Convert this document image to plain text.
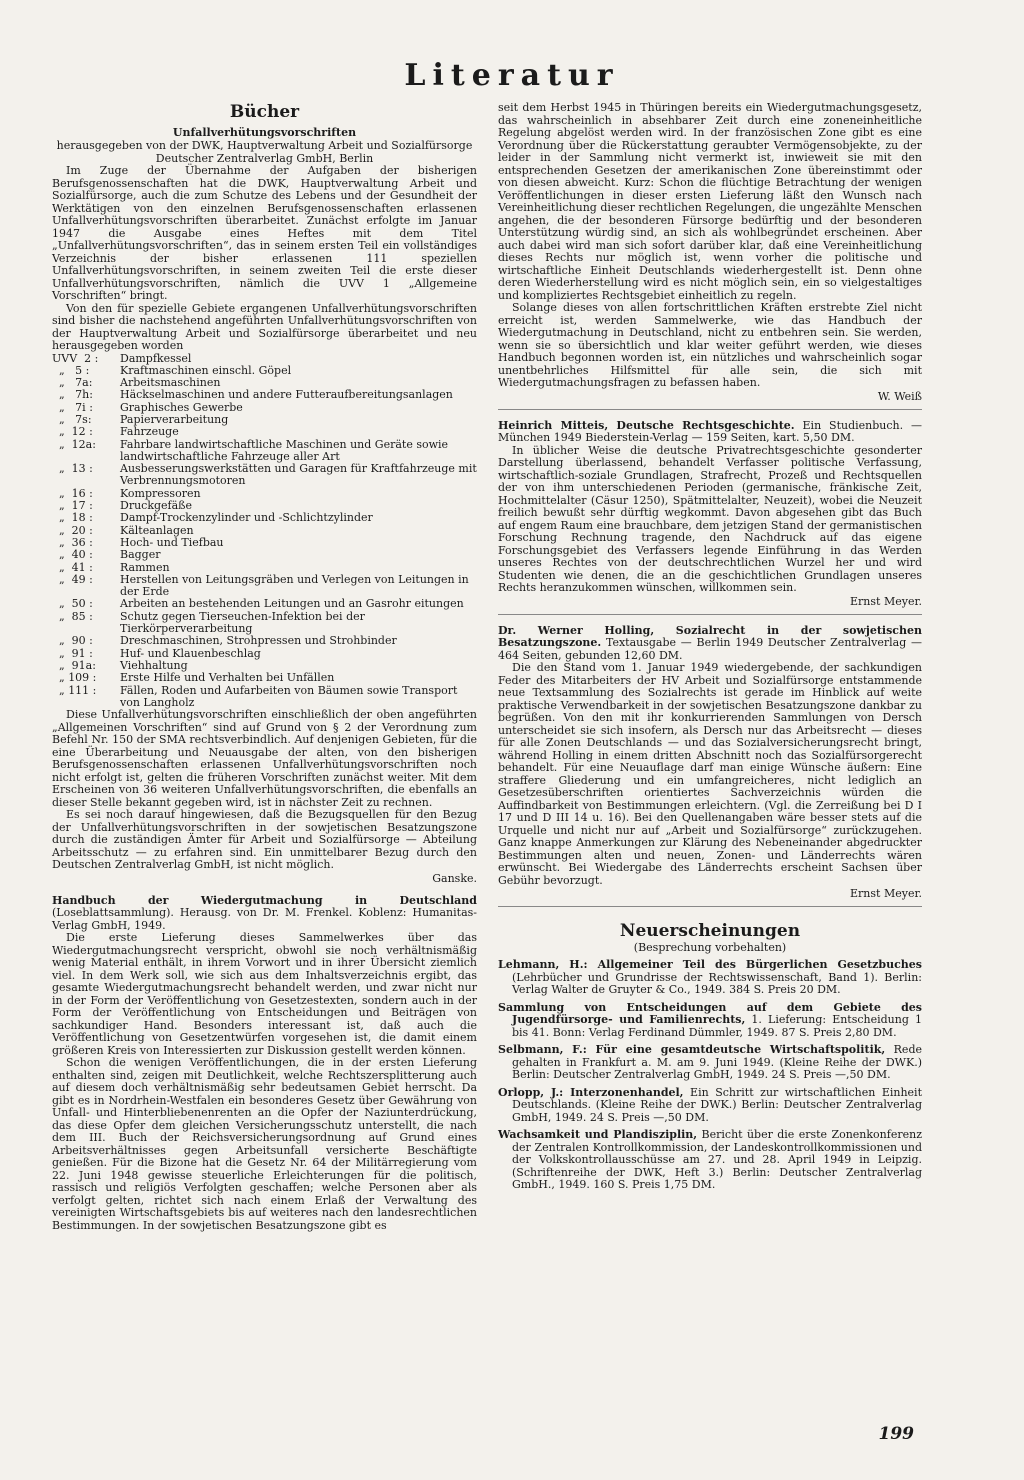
Literatur
Bücher
Unfallverhütungsvorschriften
herausgegeben von der DWK, Hauptverwaltung Arbeit und Sozialfürsorge
Deutscher Zentralverlag GmbH, Berlin

Im Zuge der Übernahme der Aufgaben der bisherigen Berufsgenossenschaften hat die DWK, Hauptverwaltung Arbeit und Sozialfürsorge, auch die zum Schutze des Lebens und der Gesundheit der Werktätigen von den einzelnen Berufsgenossenschaften erlassenen Unfallverhütungsvorschriften überarbeitet. Zunächst erfolgte im Januar 1947 die Ausgabe eines Heftes mit dem Titel „Unfallverhütungsvorschriften“, das in seinem ersten Teil ein vollständiges Verzeichnis der bisher erlassenen 111 speziellen Unfallverhütungsvorschriften, in seinem zweiten Teil die erste dieser Unfallverhütungsvorschriften, nämlich die UVV 1 „Allgemeine Vorschriften“ bringt.

Von den für spezielle Gebiete ergangenen Unfallverhütungsvorschriften sind bisher die nachstehend angeführten Unfallverhütungsvorschriften von der Hauptverwaltung Arbeit und Sozialfürsorge überarbeitet und neu herausgegeben worden

UVV  2 :	Dampfkessel
„   5 :	Kraftmaschinen einschl. Göpel
„   7a:	Arbeitsmaschinen
„   7h:	Häckselmaschinen und andere Futteraufbereitungsanlagen
„   7i :	Graphisches Gewerbe
„   7s:	Papierverarbeitung
„  12 :	Fahrzeuge
„  12a:	Fahrbare landwirtschaftliche Maschinen und Geräte sowie landwirtschaftliche Fahrzeuge aller Art
„  13 :	Ausbesserungswerkstätten und Garagen für Kraftfahrzeuge mit Verbrennungsmotoren
„  16 :	Kompressoren
„  17 :	Druckgefäße
„  18 :	Dampf-Trockenzylinder und -Schlichtzylinder
„  20 :	Kälteanlagen
„  36 :	Hoch- und Tiefbau
„  40 :	Bagger
„  41 :	Rammen
„  49 :	Herstellen von Leitungsgräben und Verlegen von Leitungen in der Erde
„  50 :	Arbeiten an bestehenden Leitungen und an Gasrohr eitungen
„  85 :	Schutz gegen Tierseuchen-Infektion bei der Tierkörperverarbeitung
„  90 :	Dreschmaschinen, Strohpressen und Strohbinder
„  91 :	Huf- und Klauenbeschlag
„  91a:	Viehhaltung
„ 109 :	Erste Hilfe und Verhalten bei Unfällen
„ 111 :	Fällen, Roden und Aufarbeiten von Bäumen sowie Transport von Langholz

Diese Unfallverhütungsvorschriften einschließlich der oben angeführten „Allgemeinen Vorschriften“ sind auf Grund von § 2 der Verordnung zum Befehl Nr. 150 der SMA rechtsverbindlich. Auf denjenigen Gebieten, für die eine Überarbeitung und Neuausgabe der alten, von den bisherigen Berufsgenossenschaften erlassenen Unfallverhütungsvorschriften noch nicht erfolgt ist, gelten die früheren Vorschriften zunächst weiter. Mit dem Erscheinen von 36 weiteren Unfallverhütungsvorschriften, die ebenfalls an dieser Stelle bekannt gegeben wird, ist in nächster Zeit zu rechnen.

Es sei noch darauf hingewiesen, daß die Bezugsquellen für den Bezug der Unfallverhütungsvorschriften in der sowjetischen Besatzungszone durch die zuständigen Ämter für Arbeit und Sozialfürsorge — Abteilung Arbeitsschutz — zu erfahren sind. Ein unmittelbarer Bezug durch den Deutschen Zentralverlag GmbH, ist nicht möglich.

Ganske.
Handbuch der Wiedergutmachung in Deutschland (Loseblattsammlung). Herausg. von Dr. M. Frenkel. Koblenz: Humanitas-Verlag GmbH, 1949.

Die erste Lieferung dieses Sammelwerkes über das Wiedergutmachungsrecht verspricht, obwohl sie noch verhältnismäßig wenig Material enthält, in ihrem Vorwort und in ihrer Übersicht ziemlich viel. In dem Werk soll, wie sich aus dem Inhaltsverzeichnis ergibt, das gesamte Wiedergutmachungsrecht behandelt werden, und zwar nicht nur in der Form der Veröffentlichung von Gesetzestexten, sondern auch in der Form der Veröffentlichung von Entscheidungen und Beiträgen von sachkundiger Hand. Besonders interessant ist, daß auch die Veröffentlichung von Gesetzentwürfen vorgesehen ist, die damit einem größeren Kreis von Interessierten zur Diskussion gestellt werden können.

Schon die wenigen Veröffentlichungen, die in der ersten Lieferung enthalten sind, zeigen mit Deutlichkeit, welche Rechtszersplitterung auch auf diesem doch verhältnismäßig sehr bedeutsamen Gebiet herrscht. Da gibt es in Nordrhein-Westfalen ein besonderes Gesetz über Gewährung von Unfall- und Hinterbliebenenrenten an die Opfer der Naziunterdrückung, das diese Opfer dem gleichen Versicherungsschutz unterstellt, die nach dem III. Buch der Reichsversicherungsordnung auf Grund eines Arbeitsverhältnisses gegen Arbeitsunfall versicherte Beschäftigte genießen. Für die Bizone hat die Gesetz Nr. 64 der Militärregierung vom 22. Juni 1948 gewisse steuerliche Erleichterungen für die politisch, rassisch und religiös Verfolgten geschaffen; welche Personen aber als verfolgt gelten, richtet sich nach einem Erlaß der Verwaltung des vereinigten Wirtschaftsgebiets bis auf weiteres nach den landesrechtlichen Bestimmungen. In der sowjetischen Besatzungszone gibt es

seit dem Herbst 1945 in Thüringen bereits ein Wiedergutmachungsgesetz, das wahrscheinlich in absehbarer Zeit durch eine zoneneinheitliche Regelung abgelöst werden wird. In der französischen Zone gibt es eine Verordnung über die Rückerstattung geraubter Vermögensobjekte, zu der leider in der Sammlung nicht vermerkt ist, inwieweit sie mit den entsprechenden Gesetzen der amerikanischen Zone übereinstimmt oder von diesen abweicht. Kurz: Schon die flüchtige Betrachtung der wenigen Veröffentlichungen in dieser ersten Lieferung läßt den Wunsch nach Vereinheitlichung dieser rechtlichen Regelungen, die ungezählte Menschen angehen, die der besonderen Fürsorge bedürftig und der besonderen Unterstützung würdig sind, an sich als wohlbegründet erscheinen. Aber auch dabei wird man sich sofort darüber klar, daß eine Vereinheitlichung dieses Rechts nur möglich ist, wenn vorher die politische und wirtschaftliche Einheit Deutschlands wiederhergestellt ist. Denn ohne deren Wiederherstellung wird es nicht möglich sein, ein so vielgestaltiges und kompliziertes Rechtsgebiet einheitlich zu regeln.

Solange dieses von allen fortschrittlichen Kräften erstrebte Ziel nicht erreicht ist, werden Sammelwerke, wie das Handbuch der Wiedergutmachung in Deutschland, nicht zu entbehren sein. Sie werden, wenn sie so übersichtlich und klar weiter geführt werden, wie dieses Handbuch begonnen worden ist, ein nützliches und wahrscheinlich sogar unentbehrliches Hilfsmittel für alle sein, die sich mit Wiedergutmachungsfragen zu befassen haben.

W. Weiß
Heinrich Mitteis, Deutsche Rechtsgeschichte. Ein Studienbuch. — München 1949 Biederstein-Verlag — 159 Seiten, kart. 5,50 DM.

In üblicher Weise die deutsche Privatrechtsgeschichte gesonderter Darstellung überlassend, behandelt Verfasser politische Verfassung, wirtschaftlich-soziale Grundlagen, Strafrecht, Prozeß und Rechtsquellen der von ihm unterschiedenen Perioden (germanische, fränkische Zeit, Hochmittelalter (Cäsur 1250), Spätmittelalter, Neuzeit), wobei die Neuzeit freilich bewußt sehr dürftig wegkommt. Davon abgesehen gibt das Buch auf engem Raum eine brauchbare, dem jetzigen Stand der germanistischen Forschung Rechnung tragende, den Nachdruck auf das eigene Forschungsgebiet des Verfassers legende Einführung in das Werden unseres Rechtes von der deutschrechtlichen Wurzel her und wird Studenten wie denen, die an die geschichtlichen Grundlagen unseres Rechts heranzukommen wünschen, willkommen sein.

Ernst Meyer.
Dr. Werner Holling, Sozialrecht in der sowjetischen Besatzungszone. Textausgabe — Berlin 1949 Deutscher Zentralverlag — 464 Seiten, gebunden 12,60 DM.

Die den Stand vom 1. Januar 1949 wiedergebende, der sachkundigen Feder des Mitarbeiters der HV Arbeit und Sozialfürsorge entstammende neue Textsammlung des Sozialrechts ist gerade im Hinblick auf weite praktische Verwendbarkeit in der sowjetischen Besatzungszone dankbar zu begrüßen. Von den mit ihr konkurrierenden Sammlungen von Dersch unterscheidet sie sich insofern, als Dersch nur das Arbeitsrecht — dieses für alle Zonen Deutschlands — und das Sozialversicherungsrecht bringt, während Holling in einem dritten Abschnitt noch das Sozialfürsorgerecht behandelt. Für eine Neuauflage darf man einige Wünsche äußern: Eine straffere Gliederung und ein umfangreicheres, nicht lediglich an Gesetzesüberschriften orientiertes Sachverzeichnis würden die Auffindbarkeit von Bestimmungen erleichtern. (Vgl. die Zerreißung bei D I 17 und D III 14 u. 16). Bei den Quellenangaben wäre besser stets auf die Urquelle und nicht nur auf „Arbeit und Sozialfürsorge“ zurückzugehen. Ganz knappe Anmerkungen zur Klärung des Nebeneinander abgedruckter Bestimmungen alten und neuen, Zonen- und Länderrechts wären erwünscht. Bei Wiedergabe des Länderrechts erscheint Sachsen über Gebühr bevorzugt.

Ernst Meyer.
Neuerscheinungen
(Besprechung vorbehalten)
Lehmann, H.: Allgemeiner Teil des Bürgerlichen Gesetzbuches (Lehrbücher und Grundrisse der Rechtswissenschaft, Band 1). Berlin: Verlag Walter de Gruyter & Co., 1949. 384 S. Preis 20 DM.
Sammlung von Entscheidungen auf dem Gebiete des Jugendfürsorge- und Familienrechts, 1. Lieferung: Entscheidung 1 bis 41. Bonn: Verlag Ferdinand Dümmler, 1949. 87 S. Preis 2,80 DM.
Selbmann, F.: Für eine gesamtdeutsche Wirtschaftspolitik, Rede gehalten in Frankfurt a. M. am 9. Juni 1949. (Kleine Reihe der DWK.) Berlin: Deutscher Zentralverlag GmbH, 1949. 24 S. Preis —,50 DM.
Orlopp, J.: Interzonenhandel, Ein Schritt zur wirtschaftlichen Einheit Deutschlands. (Kleine Reihe der DWK.) Berlin: Deutscher Zentralverlag GmbH, 1949. 24 S. Preis —,50 DM.
Wachsamkeit und Plandisziplin, Bericht über die erste Zonenkonferenz der Zentralen Kontrollkommission, der Landeskontrollkommissionen und der Volkskontrollausschüsse am 27. und 28. April 1949 in Leipzig. (Schriftenreihe der DWK, Heft 3.) Berlin: Deutscher Zentralverlag GmbH., 1949. 160 S. Preis 1,75 DM.
199
